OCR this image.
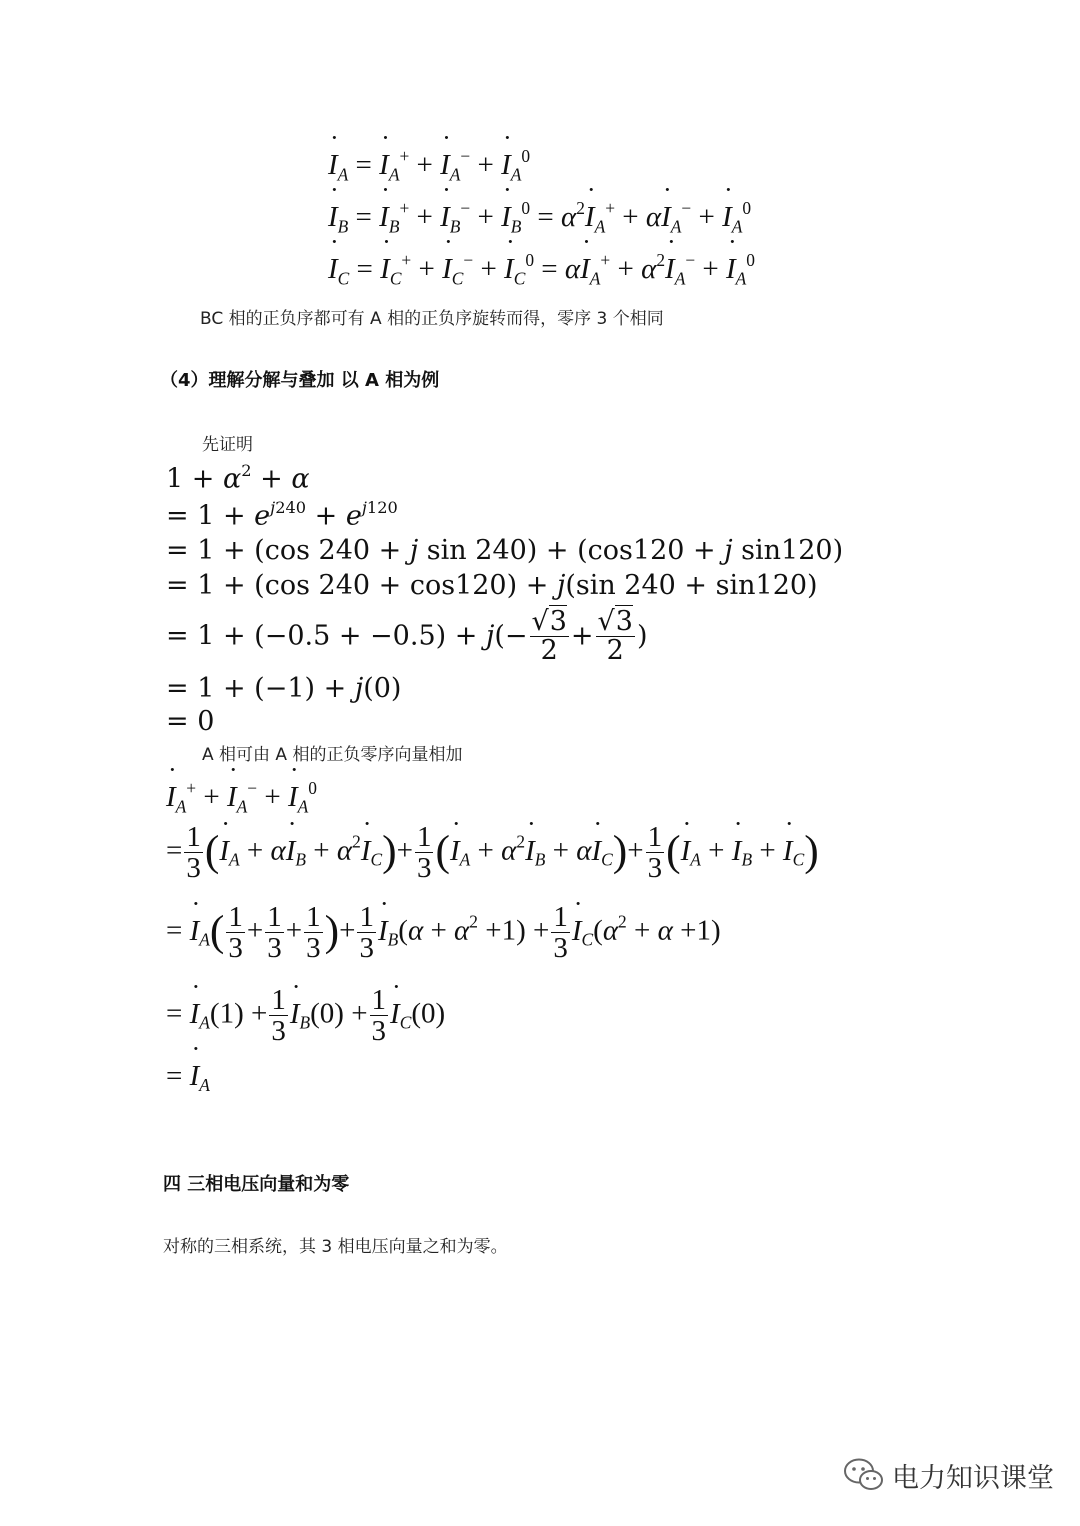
˙ $I_A$ = ˙ $I_A^+$ + ˙ $I_A^-$ + ˙ $I_A^0$
˙ $I_B$ = ˙ $I_B^+$ + ˙ $I_B^-$ + ˙ $I_B^0$ = $\alpha^2˙$ $I_A^+$ + α˙ $I_A^-$ + ˙ $I_A^0$
˙ $I_C$ = ˙ $I_C^+$ + ˙ $I_C^-$ + ˙ $I_C^0$ = α˙ $I_A^+$ + $\alpha^2˙$ $I_A^-$ + ˙ $I_A^0$
BC 相的正负序都可有 A 相的正负序旋转而得，零序 3 个相同
（4）理解分解与叠加 以 A 相为例
先证明
$1 + \alpha^2 + \alpha$
= $1 + e^{j240} + e^{j120}$
= 1 + (cos 240 + j sin 240) + (cos120 + j sin120)
= 1 + (cos 240 + cos120) + j(sin 240 + sin120)
= $1 + (-0.5 + -0.5) + j(- \frac{√3}{2} + \frac{√3}{2}$ )
= 1 + (−1) + j(0)
= 0
A 相可由 A 相的正负零序向量相加
˙ $I_A^+$ + ˙ $I_A^-$ + ˙ $I_A^0$
= $\frac{1}{3}$ (˙ $I_A$ + α˙ $I_B$ + $\alpha^2˙$ $I_C)+ \frac{1}{3}$ (˙ $I_A$ + $\alpha^2˙$ $I_B$ + α˙ $I_C)+ \frac{1}{3}$ (˙ $I_A$ + ˙ $I_B$ + ˙ $I_C$)
= ˙ $I_A( \frac{1}{3} + \frac{1}{3} + \frac{1}{3}$ )+ $\frac{1}{3}$ ˙ $I_B(\alpha + \alpha^2 +1) + \frac{1}{3}$ ˙ $I_C(\alpha^2 + \alpha +1)$
= ˙ $I_A(1) + \frac{1}{3}$ ˙ $I_B(0) + \frac{1}{3}$ ˙ $I_C(0)$
= ˙ $I_A$
四 三相电压向量和为零
对称的三相系统，其 3 相电压向量之和为零。
电力知识课堂
